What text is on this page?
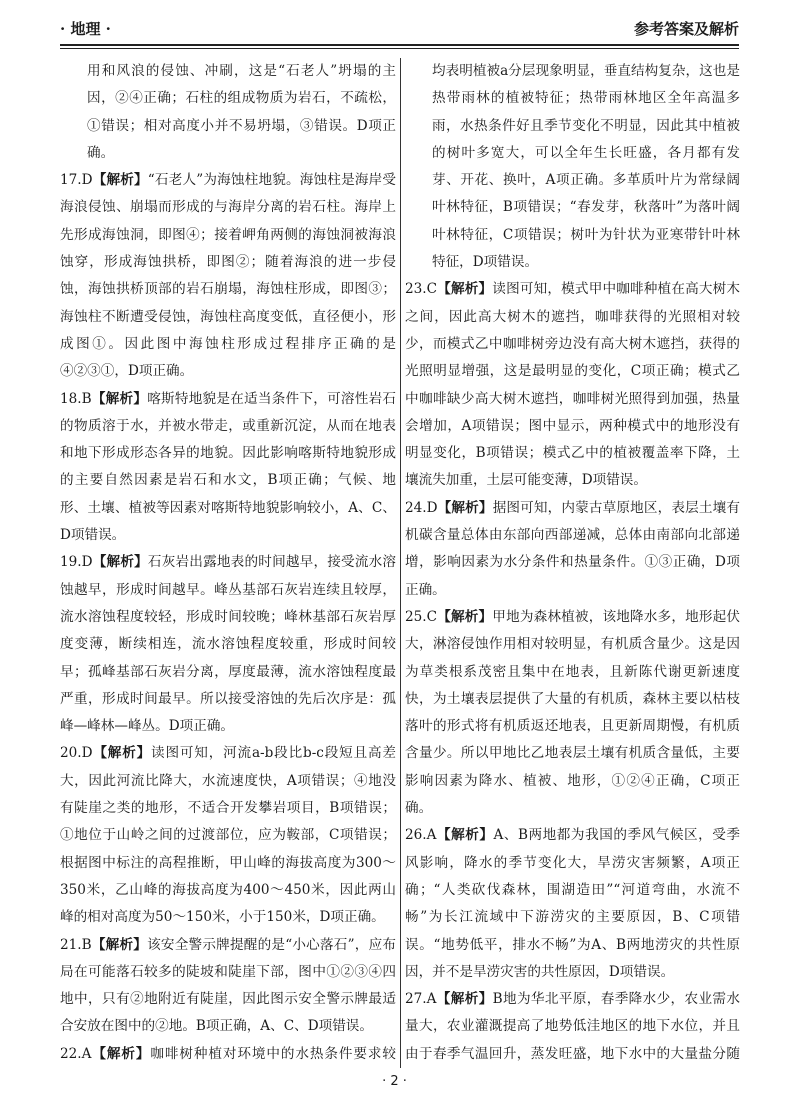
· 地理 ·	参考答案及解析

用和风浪的侵蚀、冲刷，这是“石老人”坍塌的主因，②④正确；石柱的组成物质为岩石，不疏松，①错误；相对高度小并不易坍塌，③错误。D项正确。

17.D【解析】“石老人”为海蚀柱地貌。海蚀柱是海岸受海浪侵蚀、崩塌而形成的与海岸分离的岩石柱。海岸上先形成海蚀洞，即图④；接着岬角两侧的海蚀洞被海浪蚀穿，形成海蚀拱桥，即图②；随着海浪的进一步侵蚀，海蚀拱桥顶部的岩石崩塌，海蚀柱形成，即图③；海蚀柱不断遭受侵蚀，海蚀柱高度变低，直径便小，形成图①。因此图中海蚀柱形成过程排序正确的是④②③①，D项正确。

18.B【解析】喀斯特地貌是在适当条件下，可溶性岩石的物质溶于水，并被水带走，或重新沉淀，从而在地表和地下形成形态各异的地貌。因此影响喀斯特地貌形成的主要自然因素是岩石和水文，B项正确；气候、地形、土壤、植被等因素对喀斯特地貌影响较小，A、C、D项错误。

19.D【解析】石灰岩出露地表的时间越早，接受流水溶蚀越早，形成时间越早。峰丛基部石灰岩连续且较厚，流水溶蚀程度较轻，形成时间较晚；峰林基部石灰岩厚度变薄，断续相连，流水溶蚀程度较重，形成时间较早；孤峰基部石灰岩分离，厚度最薄，流水溶蚀程度最严重，形成时间最早。所以接受溶蚀的先后次序是：孤峰—峰林—峰丛。D项正确。

20.D【解析】读图可知，河流a-b段比b-c段短且高差大，因此河流比降大，水流速度快，A项错误；④地没有陡崖之类的地形，不适合开发攀岩项目，B项错误；①地位于山岭之间的过渡部位，应为鞍部，C项错误；根据图中标注的高程推断，甲山峰的海拔高度为300～350米，乙山峰的海拔高度为400～450米，因此两山峰的相对高度为50～150米，小于150米，D项正确。

21.B【解析】该安全警示牌提醒的是“小心落石”，应布局在可能落石较多的陡坡和陡崖下部，图中①②③④四地中，只有②地附近有陡崖，因此图示安全警示牌最适合安放在图中的②地。B项正确，A、C、D项错误。

22.A【解析】咖啡树种植对环境中的水热条件要求较

均表明植被a分层现象明显，垂直结构复杂，这也是热带雨林的植被特征；热带雨林地区全年高温多雨，水热条件好且季节变化不明显，因此其中植被的树叶多宽大，可以全年生长旺盛，各月都有发芽、开花、换叶，A项正确。多革质叶片为常绿阔叶林特征，B项错误；“春发芽，秋落叶”为落叶阔叶林特征，C项错误；树叶为针状为亚寒带针叶林特征，D项错误。

23.C【解析】读图可知，模式甲中咖啡种植在高大树木之间，因此高大树木的遮挡，咖啡获得的光照相对较少，而模式乙中咖啡树旁边没有高大树木遮挡，获得的光照明显增强，这是最明显的变化，C项正确；模式乙中咖啡缺少高大树木遮挡，咖啡树光照得到加强，热量会增加，A项错误；图中显示，两种模式中的地形没有明显变化，B项错误；模式乙中的植被覆盖率下降，土壤流失加重，土层可能变薄，D项错误。

24.D【解析】据图可知，内蒙古草原地区，表层土壤有机碳含量总体由东部向西部递减，总体由南部向北部递增，影响因素为水分条件和热量条件。①③正确，D项正确。

25.C【解析】甲地为森林植被，该地降水多，地形起伏大，淋溶侵蚀作用相对较明显，有机质含量少。这是因为草类根系茂密且集中在地表，且新陈代谢更新速度快，为土壤表层提供了大量的有机质，森林主要以枯枝落叶的形式将有机质返还地表，且更新周期慢，有机质含量少。所以甲地比乙地表层土壤有机质含量低，主要影响因素为降水、植被、地形，①②④正确，C项正确。

26.A【解析】A、B两地都为我国的季风气候区，受季风影响，降水的季节变化大，旱涝灾害频繁，A项正确；“人类砍伐森林，围湖造田”“河道弯曲，水流不畅”为长江流域中下游涝灾的主要原因，B、C项错误。“地势低平，排水不畅”为A、B两地涝灾的共性原因，并不是旱涝灾害的共性原因，D项错误。

27.A【解析】B地为华北平原，春季降水少，农业需水量大，农业灌溉提高了地势低洼地区的地下水位，并且由于春季气温回升，蒸发旺盛，地下水中的大量盐分随

· 2 ·
